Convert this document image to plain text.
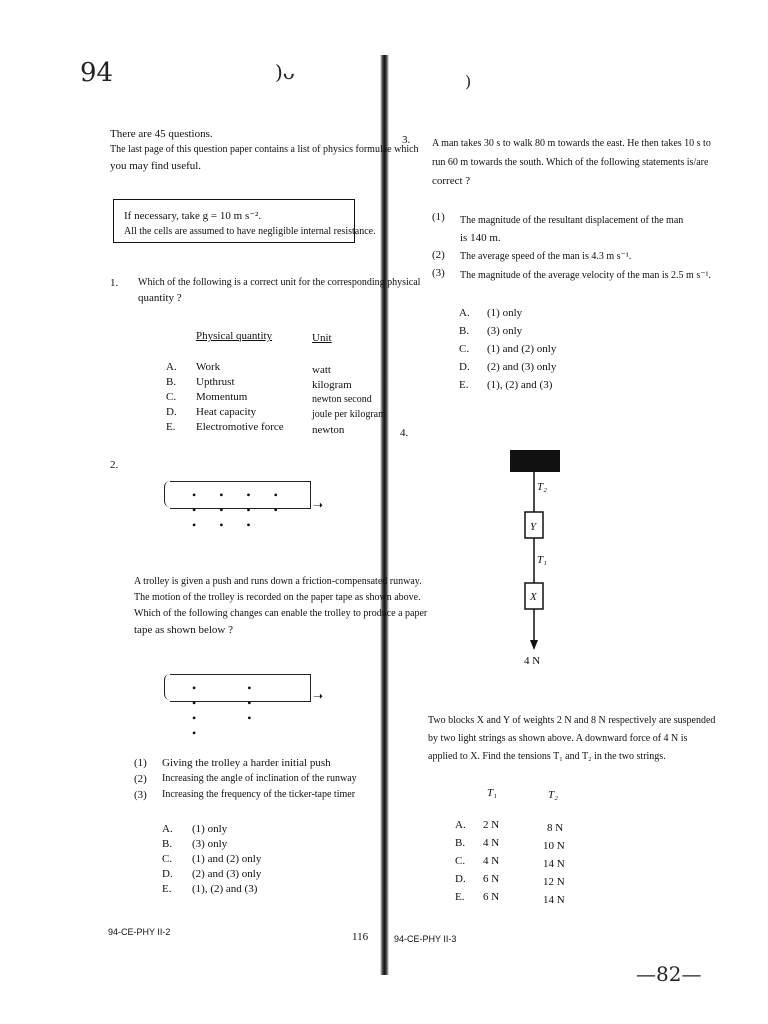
94	)ᴗ	)
—82—
There are 45 questions.
The last page of this question paper contains a list of physics formulae which
you may find useful.
If necessary, take g = 10 m s⁻².
All the cells are assumed to have negligible internal resistance.
1. Which of the following is a correct unit for the corresponding physical
quantity ?
Physical quantity	Unit
A. Work	watt
B. Upthrust	kilogram
C. Momentum	newton second
D. Heat capacity	joule per kilogram
E. Electromotive force	newton
2.
• • • • • • • • • • •
➝
A trolley is given a push and runs down a friction-compensated runway.
The motion of the trolley is recorded on the paper tape as shown above.
Which of the following changes can enable the trolley to produce a paper
tape as shown below ?
• • • • • • •
➝
(1) Giving the trolley a harder initial push
(2) Increasing the angle of inclination of the runway
(3) Increasing the frequency of the ticker-tape timer
A. (1) only
B. (3) only
C. (1) and (2) only
D. (2) and (3) only
E. (1), (2) and (3)
94-CE-PHY II-2	116
3. A man takes 30 s to walk 80 m towards the east. He then takes 10 s to
run 60 m towards the south. Which of the following statements is/are
correct ?
(1) The magnitude of the resultant displacement of the man
is 140 m.
(2) The average speed of the man is 4.3 m s⁻¹.
(3) The magnitude of the average velocity of the man is 2.5 m s⁻¹.
A. (1) only
B. (3) only
C. (1) and (2) only
D. (2) and (3) only
E. (1), (2) and (3)
4.
T₂
Y
T₁
X
4 N
Two blocks X and Y of weights 2 N and 8 N respectively are suspended
by two light strings as shown above. A downward force of 4 N is
applied to X. Find the tensions T₁ and T₂ in the two strings.
T₁	T₂
A. 2 N	8 N
B. 4 N	10 N
C. 4 N	14 N
D. 6 N	12 N
E. 6 N	14 N
94-CE-PHY II-3
